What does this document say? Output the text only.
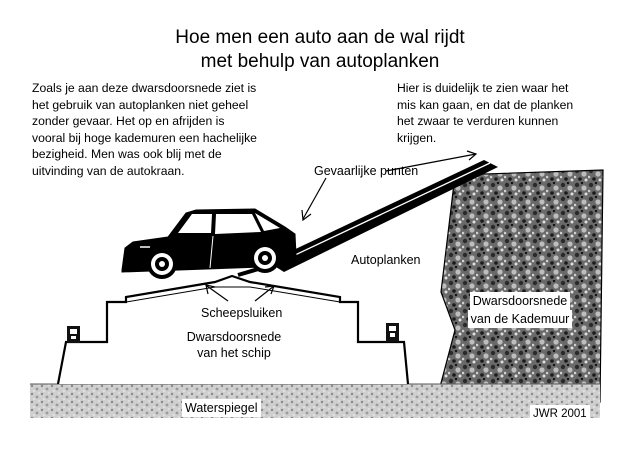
Hoe men een auto aan de wal rijdt
met behulp van autoplanken
Zoals je aan deze dwarsdoorsnede ziet is
het gebruik van autoplanken niet geheel
zonder gevaar. Het op en afrijden is
vooral bij hoge kademuren een hachelijke
bezigheid. Men was ook blij met de
uitvinding van de autokraan.
Hier is duidelijk te zien waar het
mis kan gaan, en dat de planken
het zwaar te verduren kunnen
krijgen.
Gevaarlijke punten
Autoplanken
Scheepsluiken
Dwarsdoorsnede
van het schip
Dwarsdoorsnede
van de Kademuur
Waterspiegel	JWR 2001
